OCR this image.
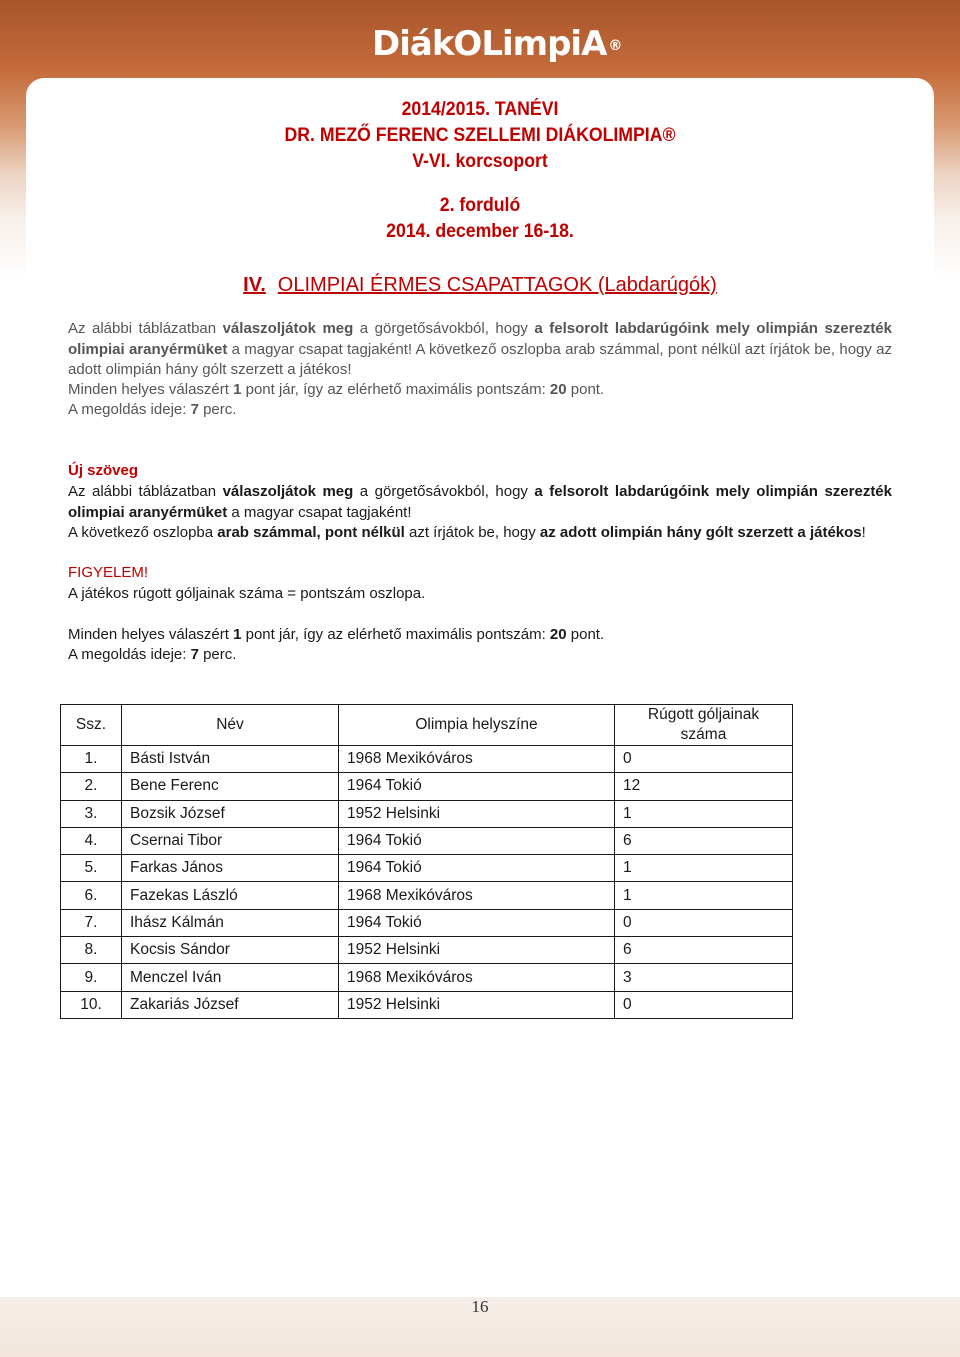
DiákOLimpiA ®
2014/2015. TANÉVI
DR. MEZŐ FERENC SZELLEMI DIÁKOLIMPIA®
V-VI. korcsoport
2. forduló
2014. december 16-18.
IV. OLIMPIAI ÉRMES CSAPATTAGOK (Labdarúgók)
Az alábbi táblázatban válaszoljátok meg a görgetősávokból, hogy a felsorolt labdarúgóink mely olimpián szerezték olimpiai aranyérmüket a magyar csapat tagjaként! A következő oszlopba arab számmal, pont nélkül azt írjátok be, hogy az adott olimpián hány gólt szerzett a játékos!
Minden helyes válaszért 1 pont jár, így az elérhető maximális pontszám: 20 pont.
A megoldás ideje: 7 perc.
Új szöveg
Az alábbi táblázatban válaszoljátok meg a görgetősávokból, hogy a felsorolt labdarúgóink mely olimpián szerezték olimpiai aranyérmüket a magyar csapat tagjaként!
A következő oszlopba arab számmal, pont nélkül azt írjátok be, hogy az adott olimpián hány gólt szerzett a játékos!
FIGYELEM!
A játékos rúgott góljainak száma = pontszám oszlopa.
Minden helyes válaszért 1 pont jár, így az elérhető maximális pontszám: 20 pont.
A megoldás ideje: 7 perc.
Ssz.	Név	Olimpia helyszíne	Rúgott góljainak száma
1.	Básti István	1968 Mexikóváros	0
2.	Bene Ferenc	1964 Tokió	12
3.	Bozsik József	1952 Helsinki	1
4.	Csernai Tibor	1964 Tokió	6
5.	Farkas János	1964 Tokió	1
6.	Fazekas László	1968 Mexikóváros	1
7.	Ihász Kálmán	1964 Tokió	0
8.	Kocsis Sándor	1952 Helsinki	6
9.	Menczel Iván	1968 Mexikóváros	3
10.	Zakariás József	1952 Helsinki	0
16
